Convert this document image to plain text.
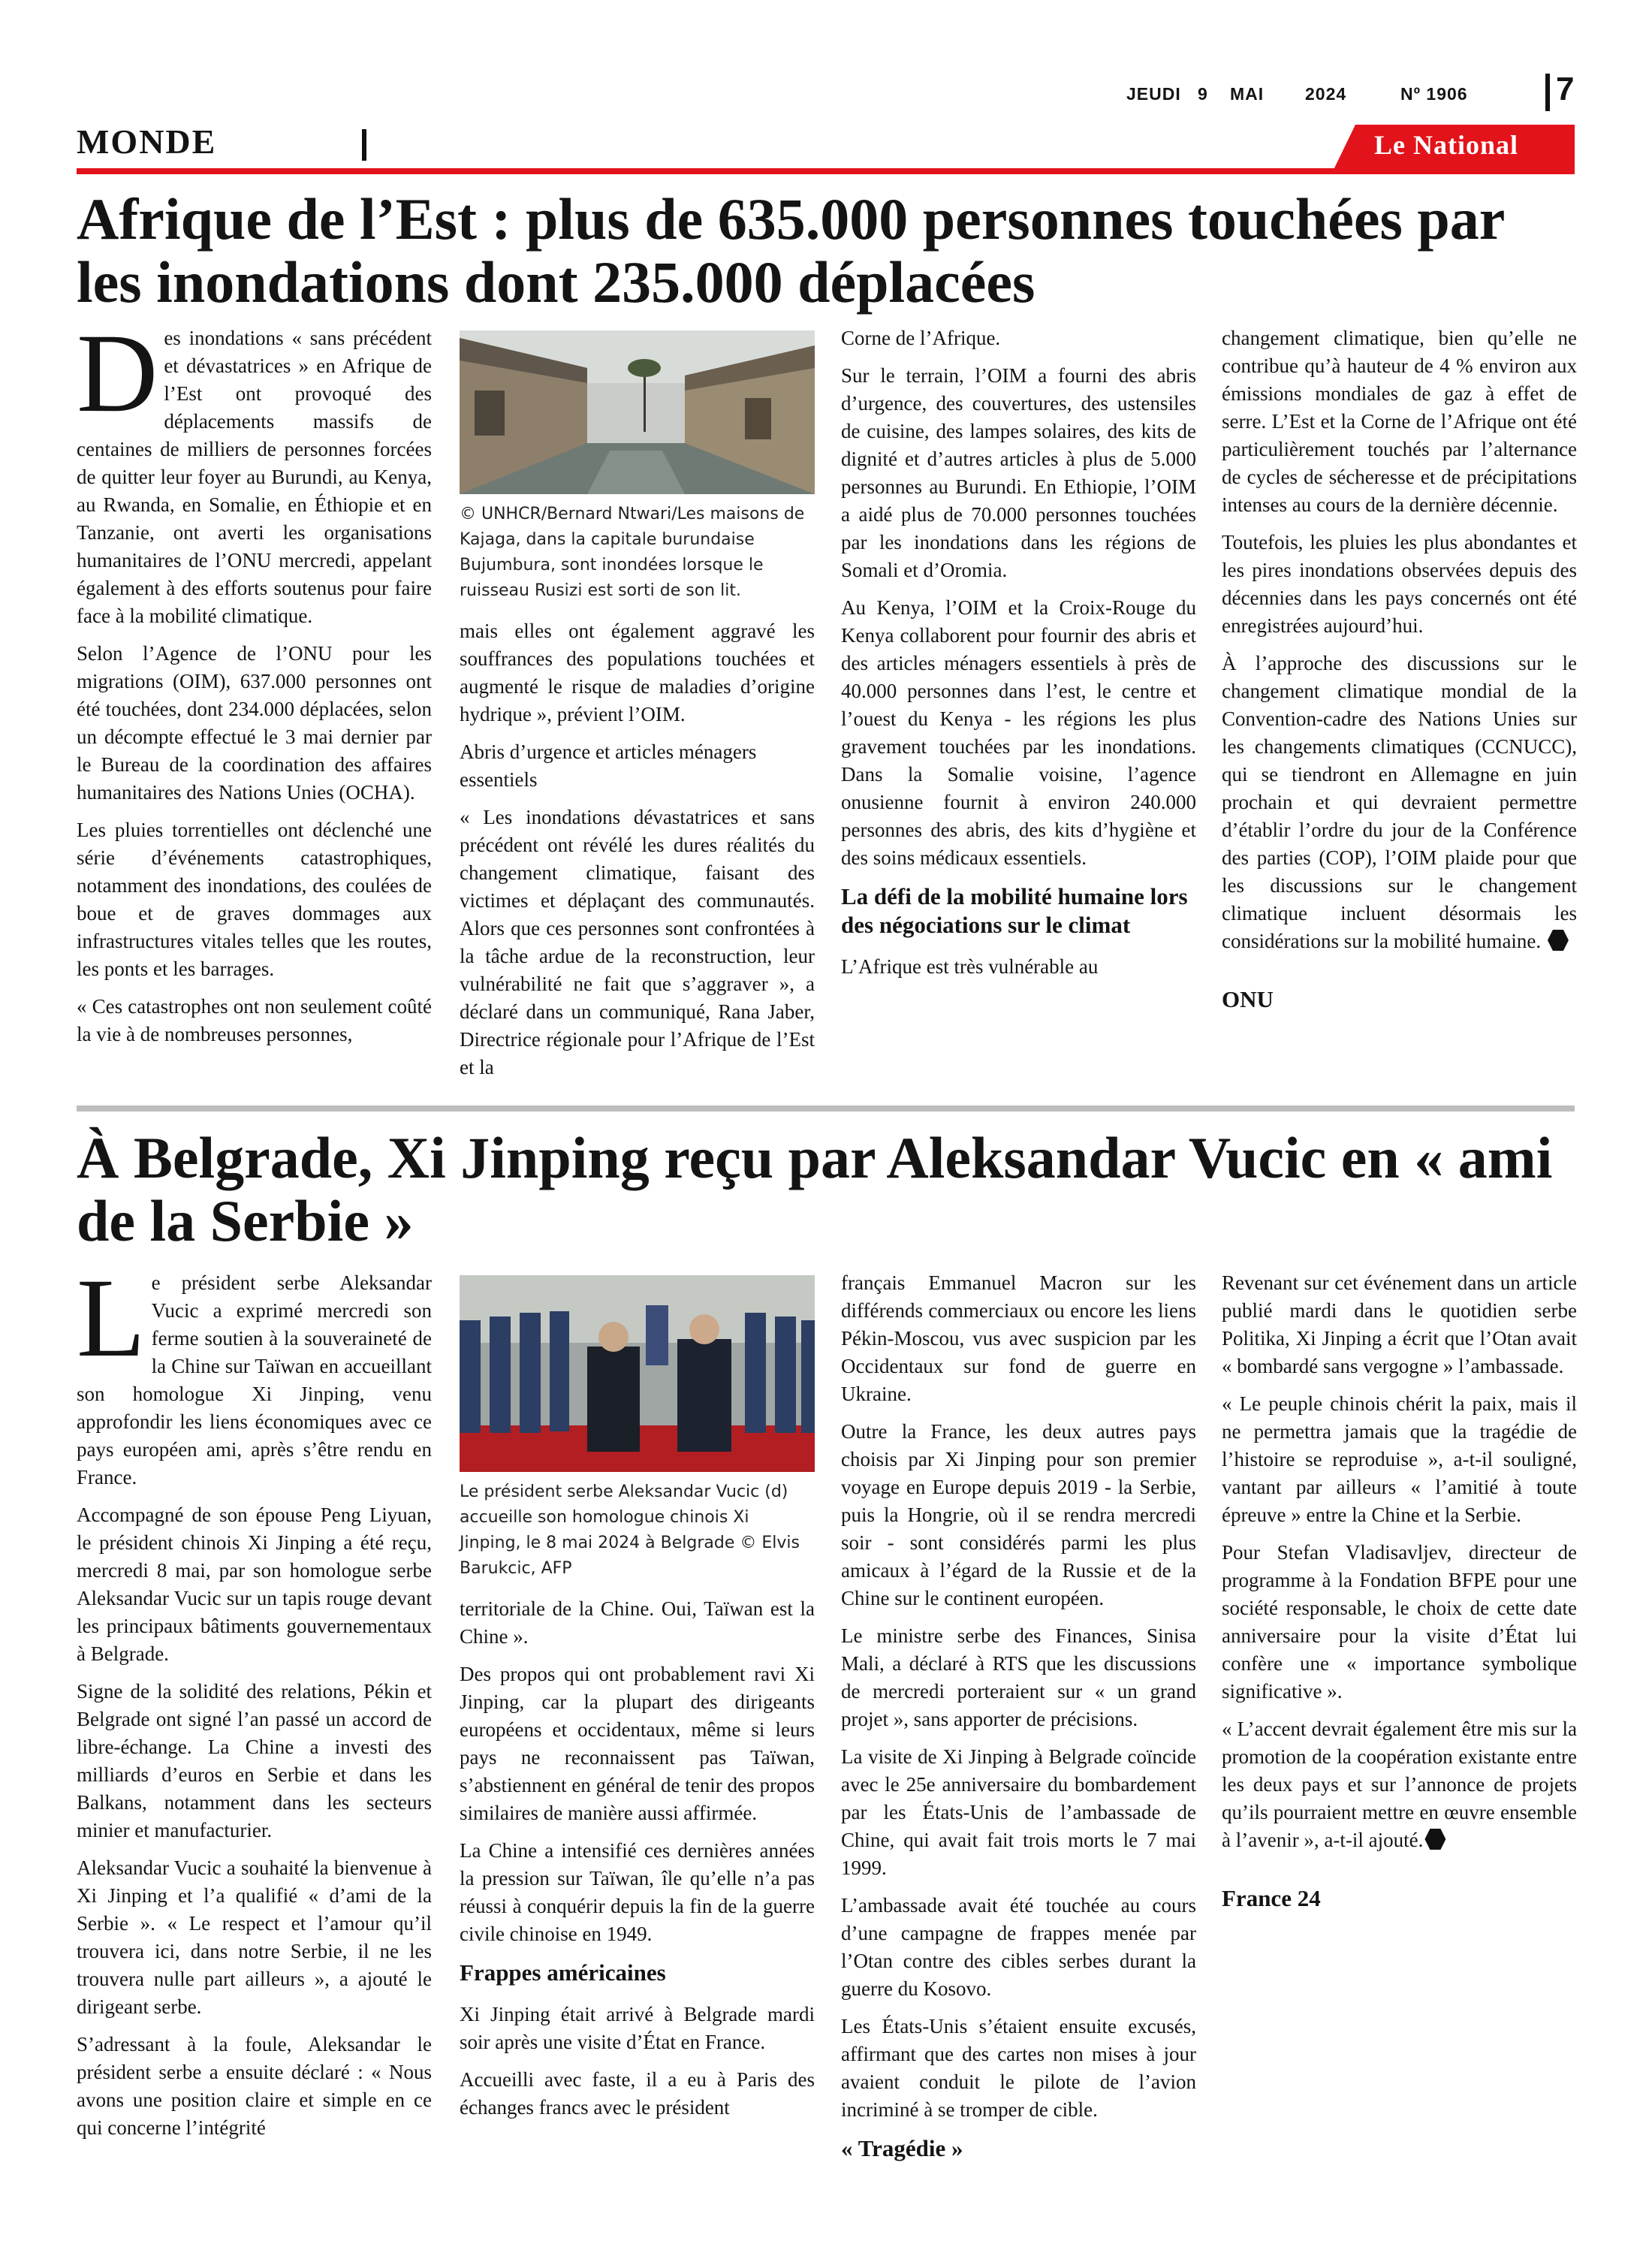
JEUDI 9 MAI 2024	Nº 1906	7
MONDE	Le National
Afrique de l’Est : plus de 635.000 personnes touchées par les inondations dont 235.000 déplacées

Des inondations « sans précédent et dévastatrices » en Afrique de l’Est ont provoqué des déplacements massifs de centaines de milliers de personnes forcées de quitter leur foyer au Burundi, au Kenya, au Rwanda, en Somalie, en Éthiopie et en Tanzanie, ont averti les organisations humanitaires de l’ONU mercredi, appelant également à des efforts soutenus pour faire face à la mobilité climatique.

Selon l’Agence de l’ONU pour les migrations (OIM), 637.000 personnes ont été touchées, dont 234.000 déplacées, selon un décompte effectué le 3 mai dernier par le Bureau de la coordination des affaires humanitaires des Nations Unies (OCHA).

Les pluies torrentielles ont déclenché une série d’événements catastrophiques, notamment des inondations, des coulées de boue et de graves dommages aux infrastructures vitales telles que les routes, les ponts et les barrages.

« Ces catastrophes ont non seulement coûté la vie à de nombreuses personnes,

© UNHCR/Bernard Ntwari/Les maisons de Kajaga, dans la capitale burundaise Bujumbura, sont inondées lorsque le ruisseau Rusizi est sorti de son lit.

mais elles ont également aggravé les souffrances des populations touchées et augmenté le risque de maladies d’origine hydrique », prévient l’OIM.

Abris d’urgence et articles ménagers essentiels

« Les inondations dévastatrices et sans précédent ont révélé les dures réalités du changement climatique, faisant des victimes et déplaçant des communautés. Alors que ces personnes sont confrontées à la tâche ardue de la reconstruction, leur vulnérabilité ne fait que s’aggraver », a déclaré dans un communiqué, Rana Jaber, Directrice régionale pour l’Afrique de l’Est et la

Corne de l’Afrique.

Sur le terrain, l’OIM a fourni des abris d’urgence, des couvertures, des ustensiles de cuisine, des lampes solaires, des kits de dignité et d’autres articles à plus de 5.000 personnes au Burundi. En Ethiopie, l’OIM a aidé plus de 70.000 personnes touchées par les inondations dans les régions de Somali et d’Oromia.

Au Kenya, l’OIM et la Croix-Rouge du Kenya collaborent pour fournir des abris et des articles ménagers essentiels à près de 40.000 personnes dans l’est, le centre et l’ouest du Kenya - les régions les plus gravement touchées par les inondations. Dans la Somalie voisine, l’agence onusienne fournit à environ 240.000 personnes des abris, des kits d’hygiène et des soins médicaux essentiels.

La défi de la mobilité humaine lors des négociations sur le climat

L’Afrique est très vulnérable au

changement climatique, bien qu’elle ne contribue qu’à hauteur de 4 % environ aux émissions mondiales de gaz à effet de serre. L’Est et la Corne de l’Afrique ont été particulièrement touchés par l’alternance de cycles de sécheresse et de précipitations intenses au cours de la dernière décennie.

Toutefois, les pluies les plus abondantes et les pires inondations observées depuis des décennies dans les pays concernés ont été enregistrées aujourd’hui.

À l’approche des discussions sur le changement climatique mondial de la Convention-cadre des Nations Unies sur les changements climatiques (CCNUCC), qui se tiendront en Allemagne en juin prochain et qui devraient permettre d’établir l’ordre du jour de la Conférence des parties (COP), l’OIM plaide pour que les discussions sur le changement climatique incluent désormais les considérations sur la mobilité humaine.

ONU

À Belgrade, Xi Jinping reçu par Aleksandar Vucic en « ami de la Serbie »

Le président serbe Aleksandar Vucic a exprimé mercredi son ferme soutien à la souveraineté de la Chine sur Taïwan en accueillant son homologue Xi Jinping, venu approfondir les liens économiques avec ce pays européen ami, après s’être rendu en France.

Accompagné de son épouse Peng Liyuan, le président chinois Xi Jinping a été reçu, mercredi 8 mai, par son homologue serbe Aleksandar Vucic sur un tapis rouge devant les principaux bâtiments gouvernementaux à Belgrade.

Signe de la solidité des relations, Pékin et Belgrade ont signé l’an passé un accord de libre-échange. La Chine a investi des milliards d’euros en Serbie et dans les Balkans, notamment dans les secteurs minier et manufacturier.

Aleksandar Vucic a souhaité la bienvenue à Xi Jinping et l’a qualifié « d’ami de la Serbie ». « Le respect et l’amour qu’il trouvera ici, dans notre Serbie, il ne les trouvera nulle part ailleurs », a ajouté le dirigeant serbe.

S’adressant à la foule, Aleksandar le président serbe a ensuite déclaré : « Nous avons une position claire et simple en ce qui concerne l’intégrité

Le président serbe Aleksandar Vucic (d) accueille son homologue chinois Xi Jinping, le 8 mai 2024 à Belgrade © Elvis Barukcic, AFP

territoriale de la Chine. Oui, Taïwan est la Chine ».

Des propos qui ont probablement ravi Xi Jinping, car la plupart des dirigeants européens et occidentaux, même si leurs pays ne reconnaissent pas Taïwan, s’abstiennent en général de tenir des propos similaires de manière aussi affirmée.

La Chine a intensifié ces dernières années la pression sur Taïwan, île qu’elle n’a pas réussi à conquérir depuis la fin de la guerre civile chinoise en 1949.

Frappes américaines

Xi Jinping était arrivé à Belgrade mardi soir après une visite d’État en France.

Accueilli avec faste, il a eu à Paris des échanges francs avec le président

français Emmanuel Macron sur les différends commerciaux ou encore les liens Pékin-Moscou, vus avec suspicion par les Occidentaux sur fond de guerre en Ukraine.

Outre la France, les deux autres pays choisis par Xi Jinping pour son premier voyage en Europe depuis 2019 - la Serbie, puis la Hongrie, où il se rendra mercredi soir - sont considérés parmi les plus amicaux à l’égard de la Russie et de la Chine sur le continent européen.

Le ministre serbe des Finances, Sinisa Mali, a déclaré à RTS que les discussions de mercredi porteraient sur « un grand projet », sans apporter de précisions.

La visite de Xi Jinping à Belgrade coïncide avec le 25e anniversaire du bombardement par les États-Unis de l’ambassade de Chine, qui avait fait trois morts le 7 mai 1999.

L’ambassade avait été touchée au cours d’une campagne de frappes menée par l’Otan contre des cibles serbes durant la guerre du Kosovo.

Les États-Unis s’étaient ensuite excusés, affirmant que des cartes non mises à jour avaient conduit le pilote de l’avion incriminé à se tromper de cible.

« Tragédie »

Revenant sur cet événement dans un article publié mardi dans le quotidien serbe Politika, Xi Jinping a écrit que l’Otan avait « bombardé sans vergogne » l’ambassade.

« Le peuple chinois chérit la paix, mais il ne permettra jamais que la tragédie de l’histoire se reproduise », a-t-il souligné, vantant par ailleurs « l’amitié à toute épreuve » entre la Chine et la Serbie.

Pour Stefan Vladisavljev, directeur de programme à la Fondation BFPE pour une société responsable, le choix de cette date anniversaire pour la visite d’État lui confère une « importance symbolique significative ».

« L’accent devrait également être mis sur la promotion de la coopération existante entre les deux pays et sur l’annonce de projets qu’ils pourraient mettre en œuvre ensemble à l’avenir », a-t-il ajouté.

France 24
